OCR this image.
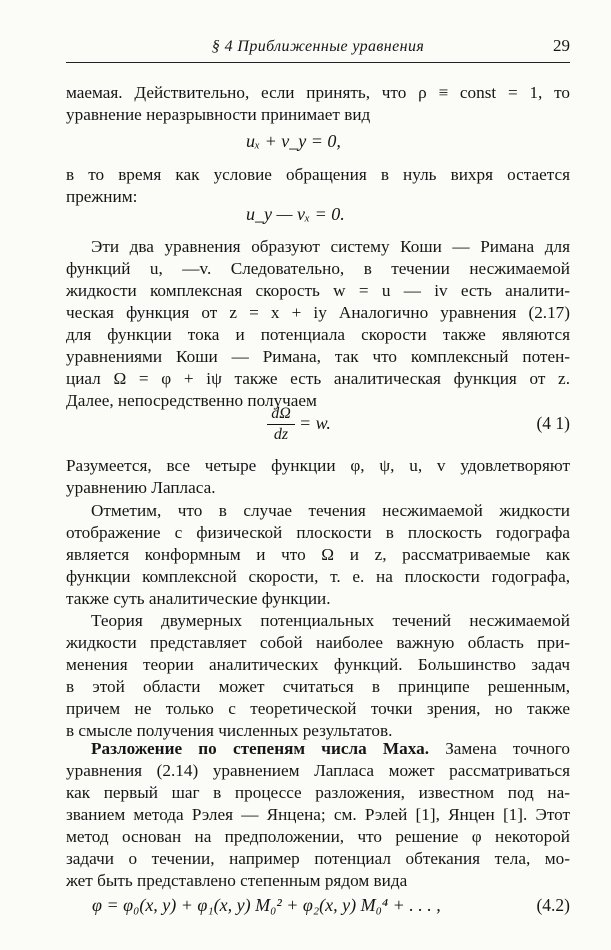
§ 4 Приближенные уравнения	29
маемая. Действительно, если принять, что ρ ≡ const = 1, то
уравнение неразрывности принимает вид
uₓ + v_y = 0,
в то время как условие обращения в нуль вихря остается
прежним:
u_y — vₓ = 0.
Эти два уравнения образуют систему Коши — Римана для
функций u, —v. Следовательно, в течении несжимаемой
жидкости комплексная скорость w = u — iv есть аналити-
ческая функция от z = x + iy Аналогично уравнения (2.17)
для функции тока и потенциала скорости также являются
уравнениями Коши — Римана, так что комплексный потен-
циал Ω = φ + iψ также есть аналитическая функция от z.
Далее, непосредственно получаем
dΩ
dz
= w.	(4 1)
Разумеется, все четыре функции φ, ψ, u, v удовлетворяют
уравнению Лапласа.
Отметим, что в случае течения несжимаемой жидкости
отображение с физической плоскости в плоскость годографа
является конформным и что Ω и z, рассматриваемые как
функции комплексной скорости, т. е. на плоскости годографа,
также суть аналитические функции.
Теория двумерных потенциальных течений несжимаемой
жидкости представляет собой наиболее важную область при-
менения теории аналитических функций. Большинство задач
в этой области может считаться в принципе решенным,
причем не только с теоретической точки зрения, но также
в смысле получения численных результатов.
Разложение по степеням числа Маха. Замена точного
уравнения (2.14) уравнением Лапласа может рассматриваться
как первый шаг в процессе разложения, известном под на-
званием метода Рэлея — Янцена; см. Рэлей [1], Янцен [1]. Этот
метод основан на предположении, что решение φ некоторой
задачи о течении, например потенциал обтекания тела, мо-
жет быть представлено степенным рядом вида
φ = φ₀(x, y) + φ₁(x, y) M₀² + φ₂(x, y) M₀⁴ + . . . ,	(4.2)
